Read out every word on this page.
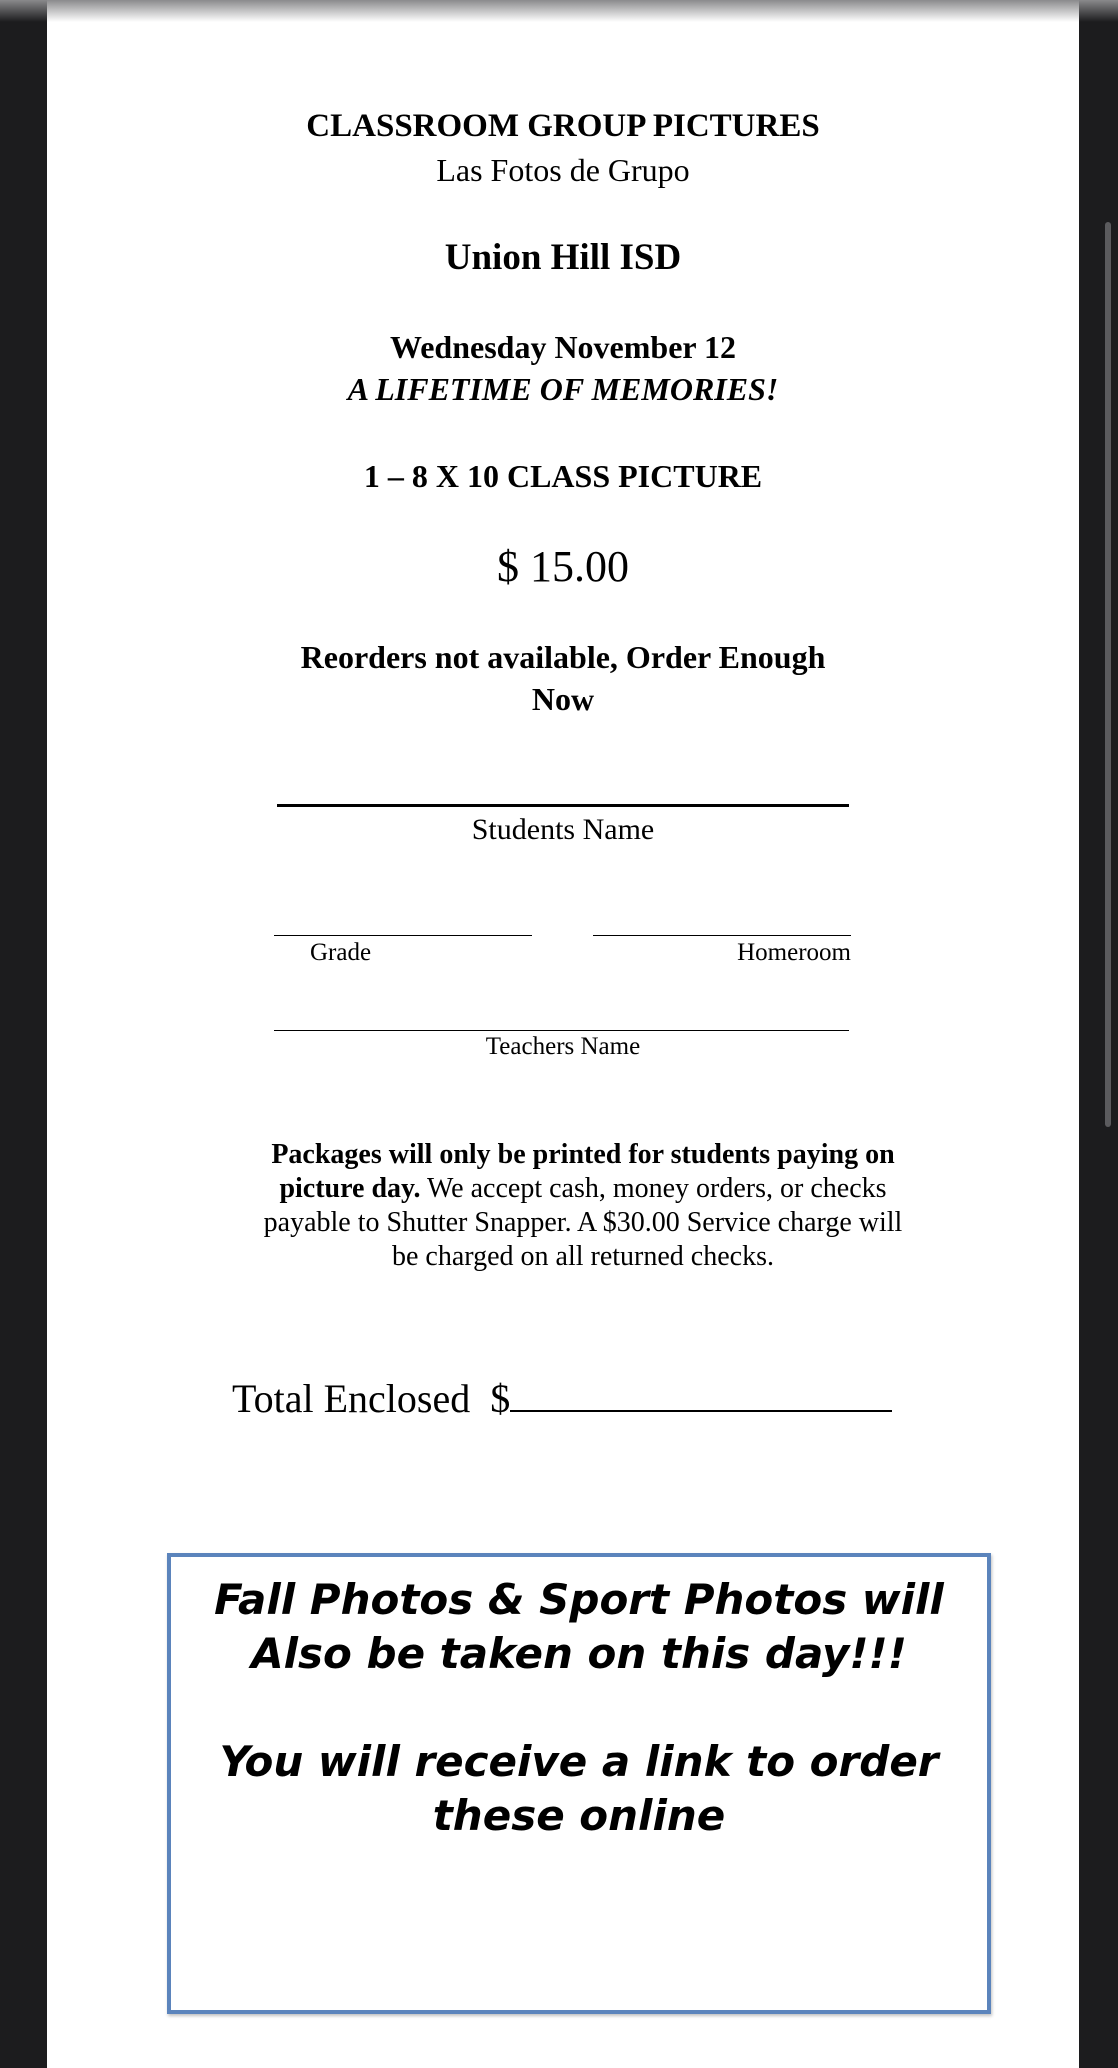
CLASSROOM GROUP PICTURES
Las Fotos de Grupo
Union Hill ISD
Wednesday November 12
A LIFETIME OF MEMORIES!
1 – 8 X 10 CLASS PICTURE
$ 15.00
Reorders not available, Order Enough
Now
Students Name
Grade	Homeroom
Teachers Name
Packages will only be printed for students paying on picture day. We accept cash, money orders, or checks payable to Shutter Snapper. A $30.00 Service charge will be charged on all returned checks.
Total Enclosed $
Fall Photos & Sport Photos will
Also be taken on this day!!!
You will receive a link to order
these online
